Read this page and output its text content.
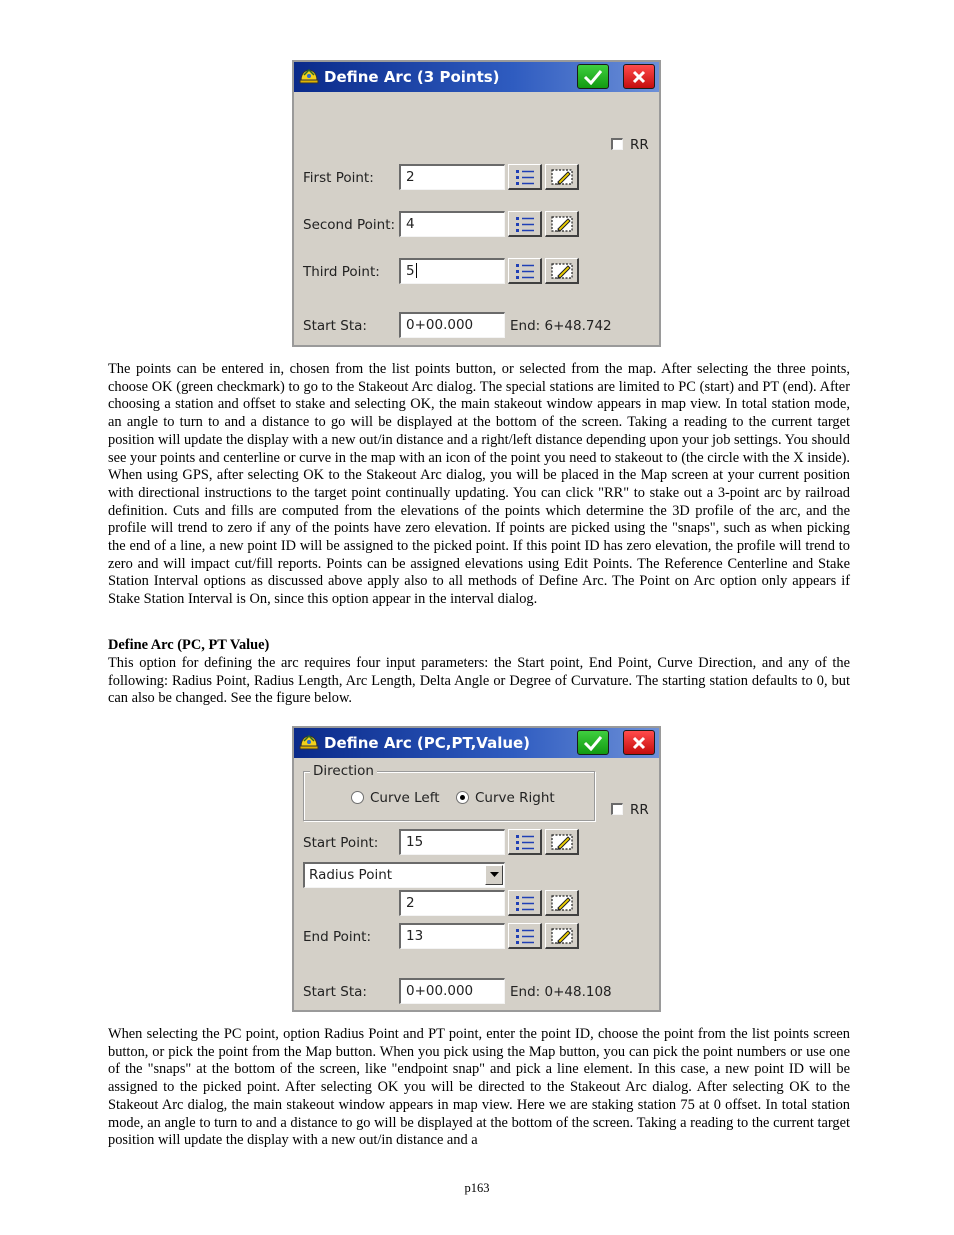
Define Arc (3 Points)
RR
First Point:	2
Second Point: 4
Third Point:	5
Start Sta:	0+00.000	End: 6+48.742

The points can be entered in, chosen from the list points button, or selected from the map. After selecting the three points, choose OK (green checkmark) to go to the Stakeout Arc dialog. The special stations are limited to PC (start) and PT (end). After choosing a station and offset to stake and selecting OK, the main stakeout window appears in map view. In total station mode, an angle to turn to and a distance to go will be displayed at the bottom of the screen. Taking a reading to the current target position will update the display with a new out/in distance and a right/left distance depending upon your job settings. You should see your points and centerline or curve in the map with an icon of the point you need to stakeout to (the circle with the X inside). When using GPS, after selecting OK to the Stakeout Arc dialog, you will be placed in the Map screen at your current position with directional instructions to the target point continually updating. You can click "RR" to stake out a 3-point arc by railroad definition. Cuts and fills are computed from the elevations of the points which determine the 3D profile of the arc, and the profile will trend to zero if any of the points have zero elevation. If points are picked using the "snaps", such as when picking the end of a line, a new point ID will be assigned to the picked point. If this point ID has zero elevation, the profile will trend to zero and will impact cut/fill reports. Points can be assigned elevations using Edit Points. The Reference Centerline and Stake Station Interval options as discussed above apply also to all methods of Define Arc. The Point on Arc option only appears if Stake Station Interval is On, since this option appear in the interval dialog.

Define Arc (PC, PT Value)

This option for defining the arc requires four input parameters: the Start point, End Point, Curve Direction, and any of the following: Radius Point, Radius Length, Arc Length, Delta Angle or Degree of Curvature. The starting station defaults to 0, but can also be changed. See the figure below.

Define Arc (PC,PT,Value)
Direction
Curve Left	Curve Right
RR
Start Point:	15
Radius Point
2
End Point:	13
Start Sta:	0+00.000	End: 0+48.108

When selecting the PC point, option Radius Point and PT point, enter the point ID, choose the point from the list points screen button, or pick the point from the Map button. When you pick using the Map button, you can pick the point numbers or use one of the "snaps" at the bottom of the screen, like "endpoint snap" and pick a line element. In this case, a new point ID will be assigned to the picked point. After selecting OK you will be directed to the Stakeout Arc dialog. After selecting OK to the Stakeout Arc dialog, the main stakeout window appears in map view. Here we are staking station 75 at 0 offset. In total station mode, an angle to turn to and a distance to go will be displayed at the bottom of the screen. Taking a reading to the current target position will update the display with a new out/in distance and a

p163
